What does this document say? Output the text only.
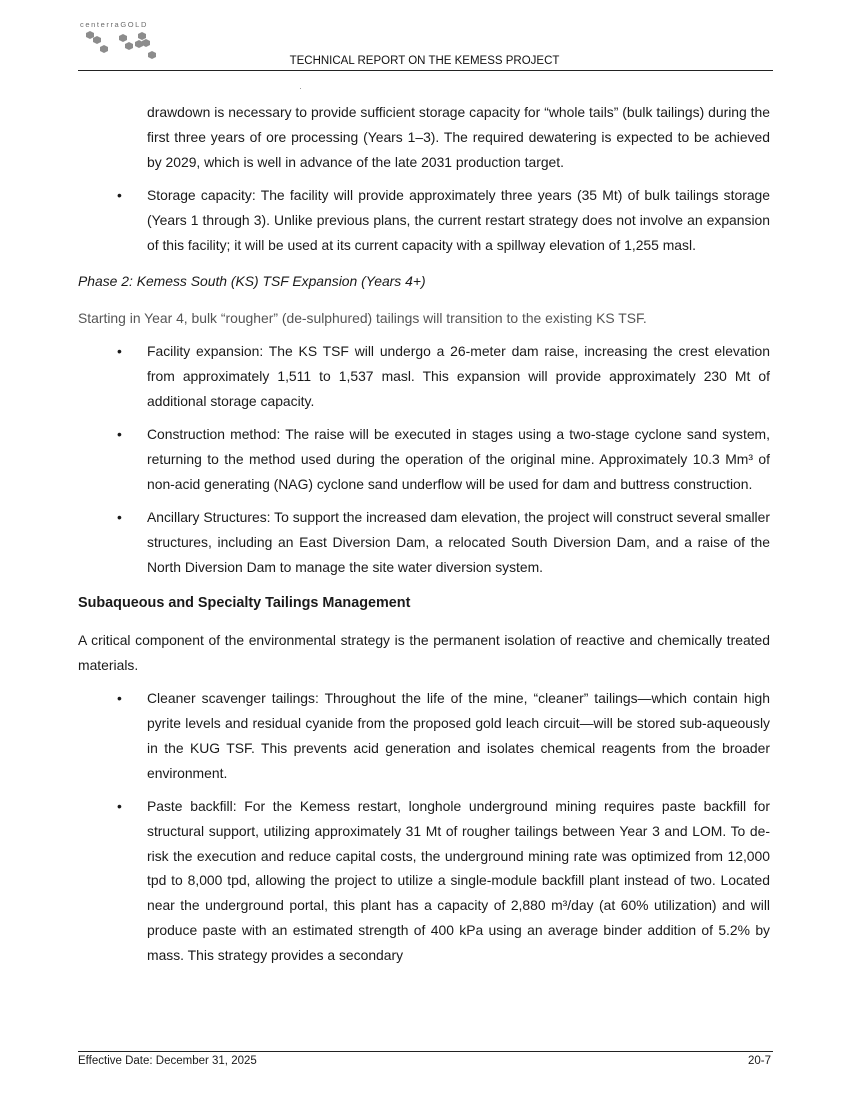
centerraGOLD
TECHNICAL REPORT ON THE KEMESS PROJECT
drawdown is necessary to provide sufficient storage capacity for “whole tails” (bulk tailings) during the first three years of ore processing (Years 1–3). The required dewatering is expected to be achieved by 2029, which is well in advance of the late 2031 production target.
• Storage capacity: The facility will provide approximately three years (35 Mt) of bulk tailings storage (Years 1 through 3). Unlike previous plans, the current restart strategy does not involve an expansion of this facility; it will be used at its current capacity with a spillway elevation of 1,255 masl.

Phase 2: Kemess South (KS) TSF Expansion (Years 4+)

Starting in Year 4, bulk “rougher” (de-sulphured) tailings will transition to the existing KS TSF.

• Facility expansion: The KS TSF will undergo a 26-meter dam raise, increasing the crest elevation from approximately 1,511 to 1,537 masl. This expansion will provide approximately 230 Mt of additional storage capacity.
• Construction method: The raise will be executed in stages using a two-stage cyclone sand system, returning to the method used during the operation of the original mine. Approximately 10.3 Mm³ of non-acid generating (NAG) cyclone sand underflow will be used for dam and buttress construction.
• Ancillary Structures: To support the increased dam elevation, the project will construct several smaller structures, including an East Diversion Dam, a relocated South Diversion Dam, and a raise of the North Diversion Dam to manage the site water diversion system.

Subaqueous and Specialty Tailings Management

A critical component of the environmental strategy is the permanent isolation of reactive and chemically treated materials.

• Cleaner scavenger tailings: Throughout the life of the mine, “cleaner” tailings—which contain high pyrite levels and residual cyanide from the proposed gold leach circuit—will be stored sub-aqueously in the KUG TSF. This prevents acid generation and isolates chemical reagents from the broader environment.
• Paste backfill: For the Kemess restart, longhole underground mining requires paste backfill for structural support, utilizing approximately 31 Mt of rougher tailings between Year 3 and LOM. To de-risk the execution and reduce capital costs, the underground mining rate was optimized from 12,000 tpd to 8,000 tpd, allowing the project to utilize a single-module backfill plant instead of two. Located near the underground portal, this plant has a capacity of 2,880 m³/day (at 60% utilization) and will produce paste with an estimated strength of 400 kPa using an average binder addition of 5.2% by mass. This strategy provides a secondary
Effective Date: December 31, 2025	20-7
